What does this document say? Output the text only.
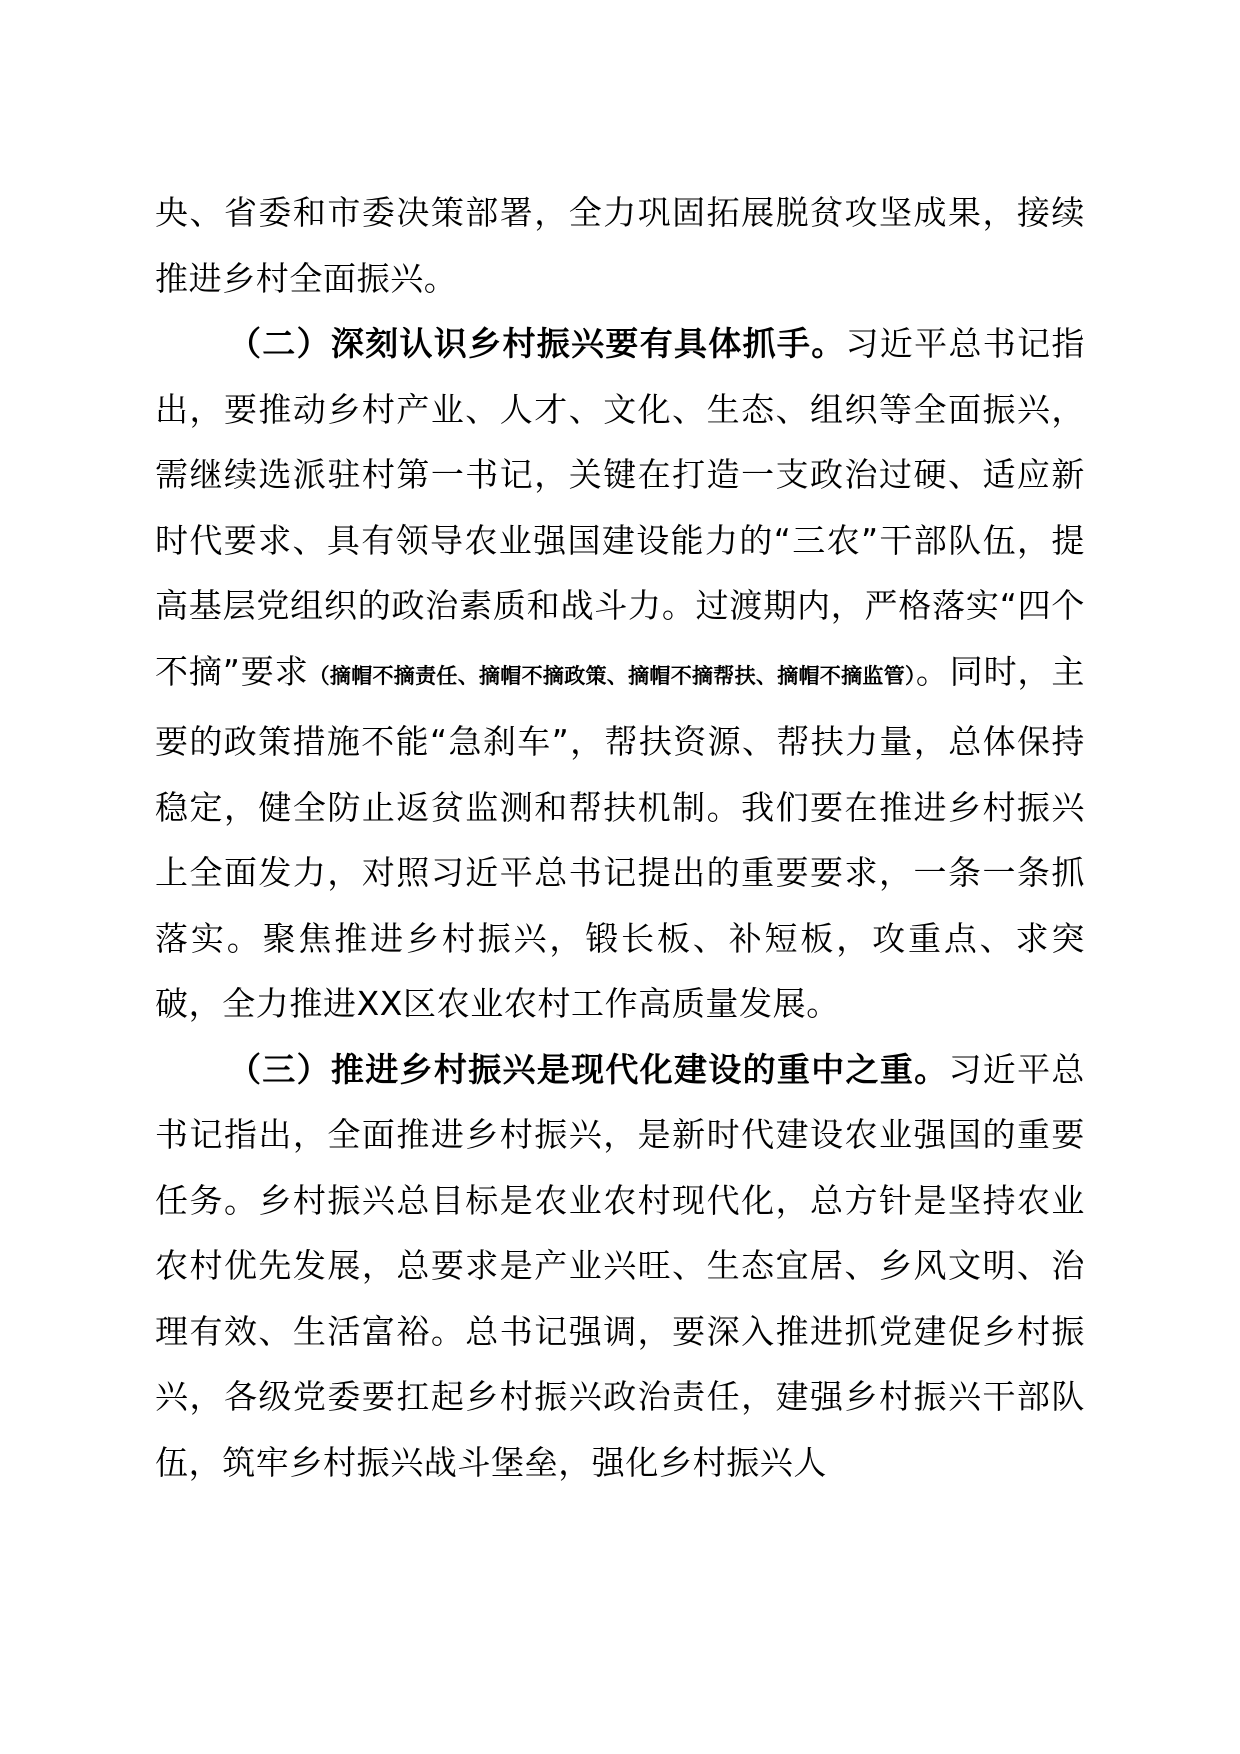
央、省委和市委决策部署，全力巩固拓展脱贫攻坚成果，接续推进乡村全面振兴。

（二）深刻认识乡村振兴要有具体抓手。习近平总书记指出，要推动乡村产业、人才、文化、生态、组织等全面振兴，需继续选派驻村第一书记，关键在打造一支政治过硬、适应新时代要求、具有领导农业强国建设能力的“三农”干部队伍，提高基层党组织的政治素质和战斗力。过渡期内，严格落实“四个不摘”要求（摘帽不摘责任、摘帽不摘政策、摘帽不摘帮扶、摘帽不摘监管）。同时，主要的政策措施不能“急刹车”，帮扶资源、帮扶力量，总体保持稳定，健全防止返贫监测和帮扶机制。我们要在推进乡村振兴上全面发力，对照习近平总书记提出的重要要求，一条一条抓落实。聚焦推进乡村振兴，锻长板、补短板，攻重点、求突破，全力推进XX区农业农村工作高质量发展。

（三）推进乡村振兴是现代化建设的重中之重。习近平总书记指出，全面推进乡村振兴，是新时代建设农业强国的重要任务。乡村振兴总目标是农业农村现代化，总方针是坚持农业农村优先发展，总要求是产业兴旺、生态宜居、乡风文明、治理有效、生活富裕。总书记强调，要深入推进抓党建促乡村振兴，各级党委要扛起乡村振兴政治责任，建强乡村振兴干部队伍，筑牢乡村振兴战斗堡垒，强化乡村振兴人
